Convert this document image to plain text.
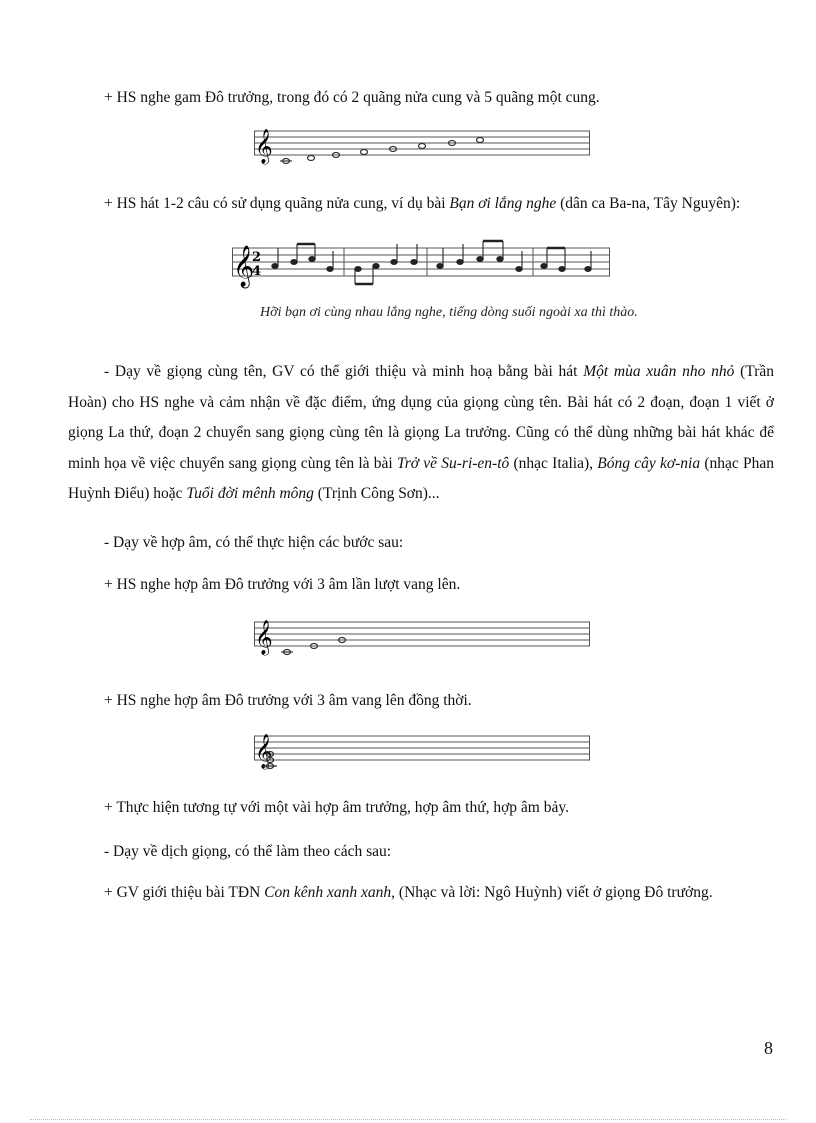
+ HS nghe gam Đô trưởng, trong đó có 2 quãng nửa cung và 5 quãng một cung.
𝄞
+ HS hát 1-2 câu có sử dụng quãng nửa cung, ví dụ bài Bạn ơi lắng nghe (dân ca Ba-na, Tây Nguyên):
𝄞
2
4
Hỡi bạn ơi cùng nhau lắng nghe, tiếng dòng suối ngoài xa thì thào.
- Dạy về giọng cùng tên, GV có thể giới thiệu và minh hoạ bằng bài hát Một mùa xuân nho nhỏ (Trần Hoàn) cho HS nghe và cảm nhận về đặc điểm, ứng dụng của giọng cùng tên. Bài hát có 2 đoạn, đoạn 1 viết ở giọng La thứ, đoạn 2 chuyển sang giọng cùng tên là giọng La trưởng. Cũng có thể dùng những bài hát khác để minh họa về việc chuyển sang giọng cùng tên là bài Trở về Su-ri-en-tô (nhạc Italia), Bóng cây kơ-nia (nhạc Phan Huỳnh Điểu) hoặc Tuổi đời mênh mông (Trịnh Công Sơn)...
- Dạy về hợp âm, có thể thực hiện các bước sau:
+ HS nghe hợp âm Đô trưởng với 3 âm lần lượt vang lên.
𝄞
+ HS nghe hợp âm Đô trưởng với 3 âm vang lên đồng thời.
𝄞
+ Thực hiện tương tự với một vài hợp âm trưởng, hợp âm thứ, hợp âm bảy.
- Dạy về dịch giọng, có thể làm theo cách sau:
+ GV giới thiệu bài TĐN Con kênh xanh xanh, (Nhạc và lời: Ngô Huỳnh) viết ở giọng Đô trưởng.
8
